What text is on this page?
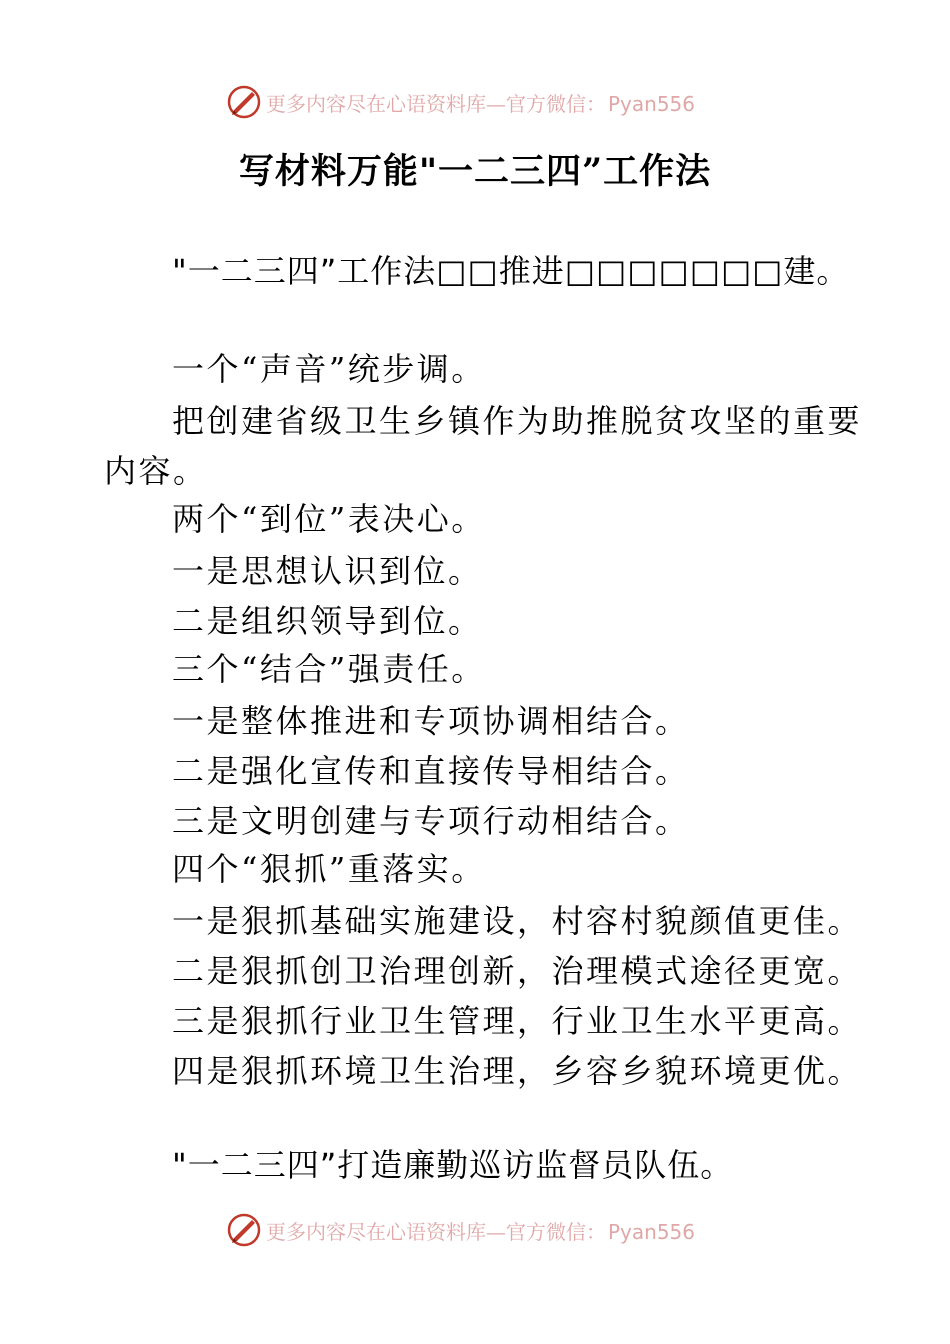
更多内容尽在心语资料库—官方微信： Pyan556
写材料万能"一二三四”工作法
"一二三四”工作法□□推进□□□□□□□建。
一个“声音”统步调。
把创建省级卫生乡镇作为助推脱贫攻坚的重要内容。
两个“到位”表决心。
一是思想认识到位。
二是组织领导到位。
三个“结合”强责任。
一是整体推进和专项协调相结合。
二是强化宣传和直接传导相结合。
三是文明创建与专项行动相结合。
四个“狠抓”重落实。
一是狠抓基础实施建设，村容村貌颜值更佳。
二是狠抓创卫治理创新，治理模式途径更宽。
三是狠抓行业卫生管理，行业卫生水平更高。
四是狠抓环境卫生治理，乡容乡貌环境更优。
"一二三四”打造廉勤巡访监督员队伍。
更多内容尽在心语资料库—官方微信： Pyan556
